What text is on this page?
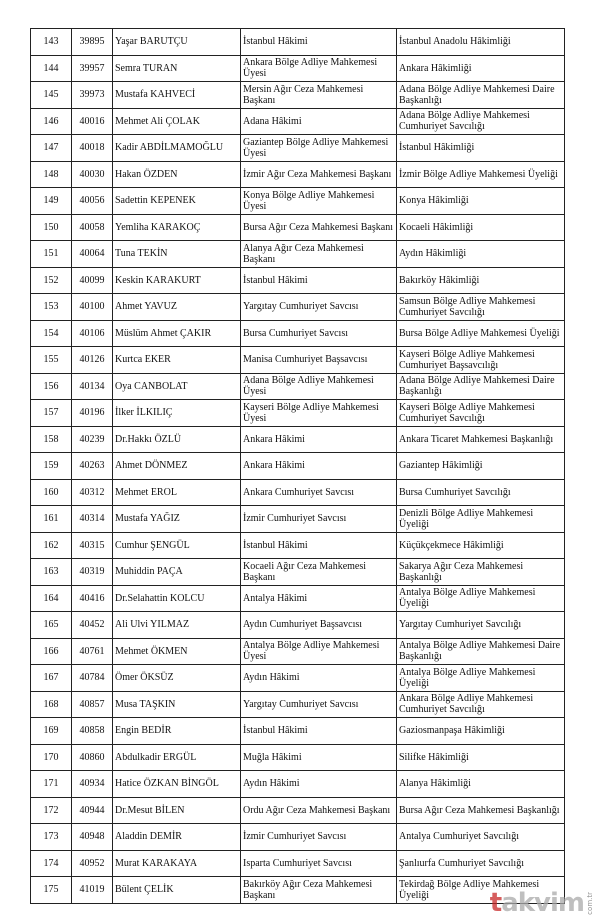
143	39895	Yaşar BARUTÇU	İstanbul Hâkimi	İstanbul Anadolu Hâkimliği
144	39957	Semra TURAN	Ankara Bölge Adliye Mahkemesi Üyesi	Ankara Hâkimliği
145	39973	Mustafa KAHVECİ	Mersin Ağır Ceza Mahkemesi Başkanı	Adana Bölge Adliye Mahkemesi Daire Başkanlığı
146	40016	Mehmet Ali ÇOLAK	Adana Hâkimi	Adana Bölge Adliye Mahkemesi Cumhuriyet Savcılığı
147	40018	Kadir ABDİLMAMOĞLU	Gaziantep Bölge Adliye Mahkemesi Üyesi	İstanbul Hâkimliği
148	40030	Hakan ÖZDEN	İzmir Ağır Ceza Mahkemesi Başkanı	İzmir Bölge Adliye Mahkemesi Üyeliği
149	40056	Sadettin KEPENEK	Konya Bölge Adliye Mahkemesi Üyesi	Konya Hâkimliği
150	40058	Yemliha KARAKOÇ	Bursa Ağır Ceza Mahkemesi Başkanı	Kocaeli Hâkimliği
151	40064	Tuna TEKİN	Alanya Ağır Ceza Mahkemesi Başkanı	Aydın Hâkimliği
152	40099	Keskin KARAKURT	İstanbul Hâkimi	Bakırköy Hâkimliği
153	40100	Ahmet YAVUZ	Yargıtay Cumhuriyet Savcısı	Samsun Bölge Adliye Mahkemesi Cumhuriyet Savcılığı
154	40106	Müslüm Ahmet ÇAKIR	Bursa Cumhuriyet Savcısı	Bursa Bölge Adliye Mahkemesi Üyeliği
155	40126	Kurtca EKER	Manisa Cumhuriyet Başsavcısı	Kayseri Bölge Adliye Mahkemesi Cumhuriyet Başsavcılığı
156	40134	Oya CANBOLAT	Adana Bölge Adliye Mahkemesi Üyesi	Adana Bölge Adliye Mahkemesi Daire Başkanlığı
157	40196	İlker İLKILIÇ	Kayseri Bölge Adliye Mahkemesi Üyesi	Kayseri Bölge Adliye Mahkemesi Cumhuriyet Savcılığı
158	40239	Dr.Hakkı ÖZLÜ	Ankara Hâkimi	Ankara Ticaret Mahkemesi Başkanlığı
159	40263	Ahmet DÖNMEZ	Ankara Hâkimi	Gaziantep Hâkimliği
160	40312	Mehmet EROL	Ankara Cumhuriyet Savcısı	Bursa Cumhuriyet Savcılığı
161	40314	Mustafa YAĞIZ	İzmir Cumhuriyet Savcısı	Denizli Bölge Adliye Mahkemesi Üyeliği
162	40315	Cumhur ŞENGÜL	İstanbul Hâkimi	Küçükçekmece Hâkimliği
163	40319	Muhiddin PAÇA	Kocaeli Ağır Ceza Mahkemesi Başkanı	Sakarya Ağır Ceza Mahkemesi Başkanlığı
164	40416	Dr.Selahattin KOLCU	Antalya Hâkimi	Antalya Bölge Adliye Mahkemesi Üyeliği
165	40452	Ali Ulvi YILMAZ	Aydın Cumhuriyet Başsavcısı	Yargıtay Cumhuriyet Savcılığı
166	40761	Mehmet ÖKMEN	Antalya Bölge Adliye Mahkemesi Üyesi	Antalya Bölge Adliye Mahkemesi Daire Başkanlığı
167	40784	Ömer ÖKSÜZ	Aydın Hâkimi	Antalya Bölge Adliye Mahkemesi Üyeliği
168	40857	Musa TAŞKIN	Yargıtay Cumhuriyet Savcısı	Ankara Bölge Adliye Mahkemesi Cumhuriyet Savcılığı
169	40858	Engin BEDİR	İstanbul Hâkimi	Gaziosmanpaşa Hâkimliği
170	40860	Abdulkadir ERGÜL	Muğla Hâkimi	Silifke Hâkimliği
171	40934	Hatice ÖZKAN BİNGÖL	Aydın Hâkimi	Alanya Hâkimliği
172	40944	Dr.Mesut BİLEN	Ordu Ağır Ceza Mahkemesi Başkanı	Bursa Ağır Ceza Mahkemesi Başkanlığı
173	40948	Aladdin DEMİR	İzmir Cumhuriyet Savcısı	Antalya Cumhuriyet Savcılığı
174	40952	Murat KARAKAYA	Isparta Cumhuriyet Savcısı	Şanlıurfa Cumhuriyet Savcılığı
175	41019	Bülent ÇELİK	Bakırköy Ağır Ceza Mahkemesi Başkanı	Tekirdağ Bölge Adliye Mahkemesi Üyeliği takvim com.tr
